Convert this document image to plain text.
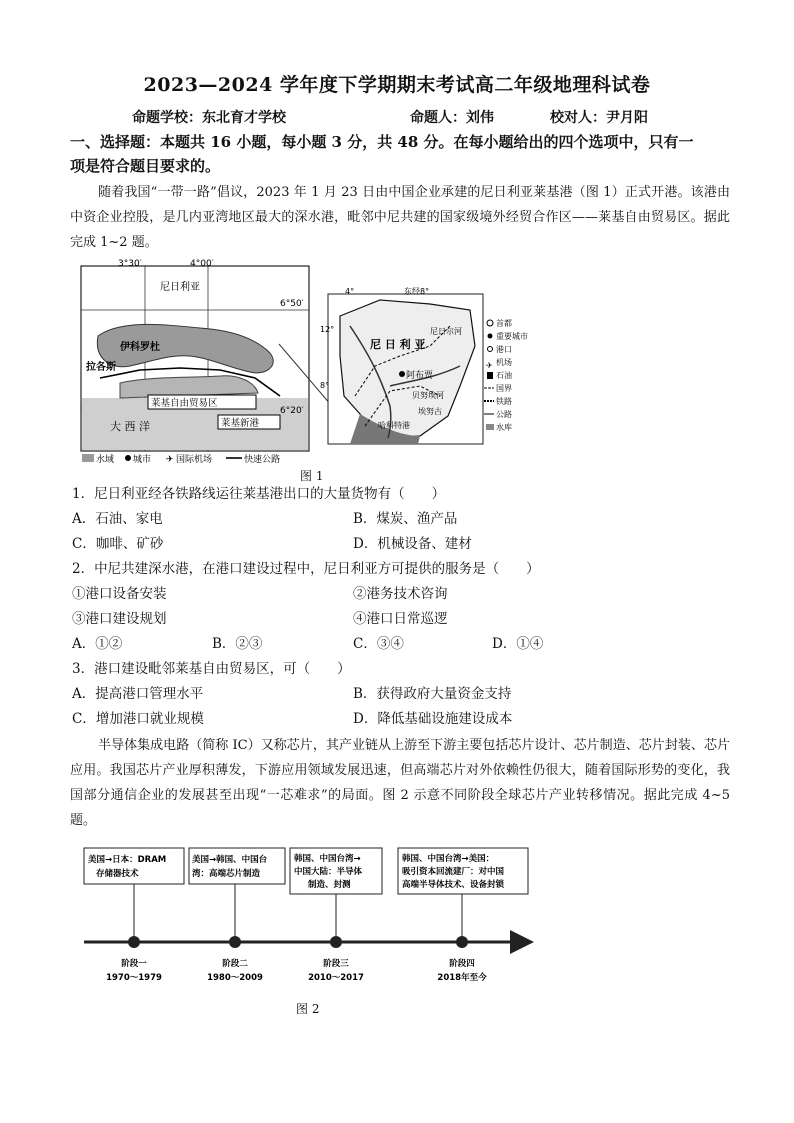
2023—2024 学年度下学期期末考试高二年级地理科试卷
命题学校：东北育才学校	命题人：刘伟	校对人：尹月阳
一、选择题：本题共 16 小题，每小题 3 分，共 48 分。在每小题给出的四个选项中，只有一
项是符合题目要求的。
随着我国“一带一路”倡议，2023 年 1 月 23 日由中国企业承建的尼日利亚莱基港（图 1）正式开港。该港由中资企业控股，是几内亚湾地区最大的深水港，毗邻中尼共建的国家级境外经贸合作区——莱基自由贸易区。据此完成 1~2 题。
3°30′	4°00′
6°50′
6°20′
尼日利亚
伊科罗杜
拉各斯
莱基自由贸易区
大 西 洋	莱基新港
水域 城市 ✈ 国际机场	快速公路
4°	东经8°
12°
8°
尼 日 利 亚
阿布贾
尼日尔河
贝努埃河
哈科特港
埃努古
首都
重要城市
港口
机场
石油
国界
铁路
公路
水库
✈
图 1
1．尼日利亚经各铁路线运往莱基港出口的大量货物有（　　）
A．石油、家电	B．煤炭、渔产品
C．咖啡、矿砂	D．机械设备、建材
2．中尼共建深水港，在港口建设过程中，尼日利亚方可提供的服务是（　　）
①港口设备安装	②港务技术咨询
③港口建设规划	④港口日常巡逻
A．①②	B．②③	C．③④	D．①④
3．港口建设毗邻莱基自由贸易区，可（　　）
A．提高港口管理水平	B．获得政府大量资金支持
C．增加港口就业规模	D．降低基础设施建设成本
半导体集成电路（简称 IC）又称芯片，其产业链从上游至下游主要包括芯片设计、芯片制造、芯片封装、芯片应用。我国芯片产业厚积薄发，下游应用领域发展迅速，但高端芯片对外依赖性仍很大，随着国际形势的变化，我国部分通信企业的发展甚至出现“一芯难求”的局面。图 2 示意不同阶段全球芯片产业转移情况。据此完成 4~5 题。
美国→日本：DRAM
存储器技术
美国→韩国、中国台
湾：高端芯片制造
韩国、中国台湾→
中国大陆：半导体
制造、封测
韩国、中国台湾→美国：
吸引资本回流建厂：对中国
高端半导体技术、设备封锁
阶段一
1970～1979
阶段二
1980～2009
阶段三
2010～2017
阶段四
2018年至今
图 2
